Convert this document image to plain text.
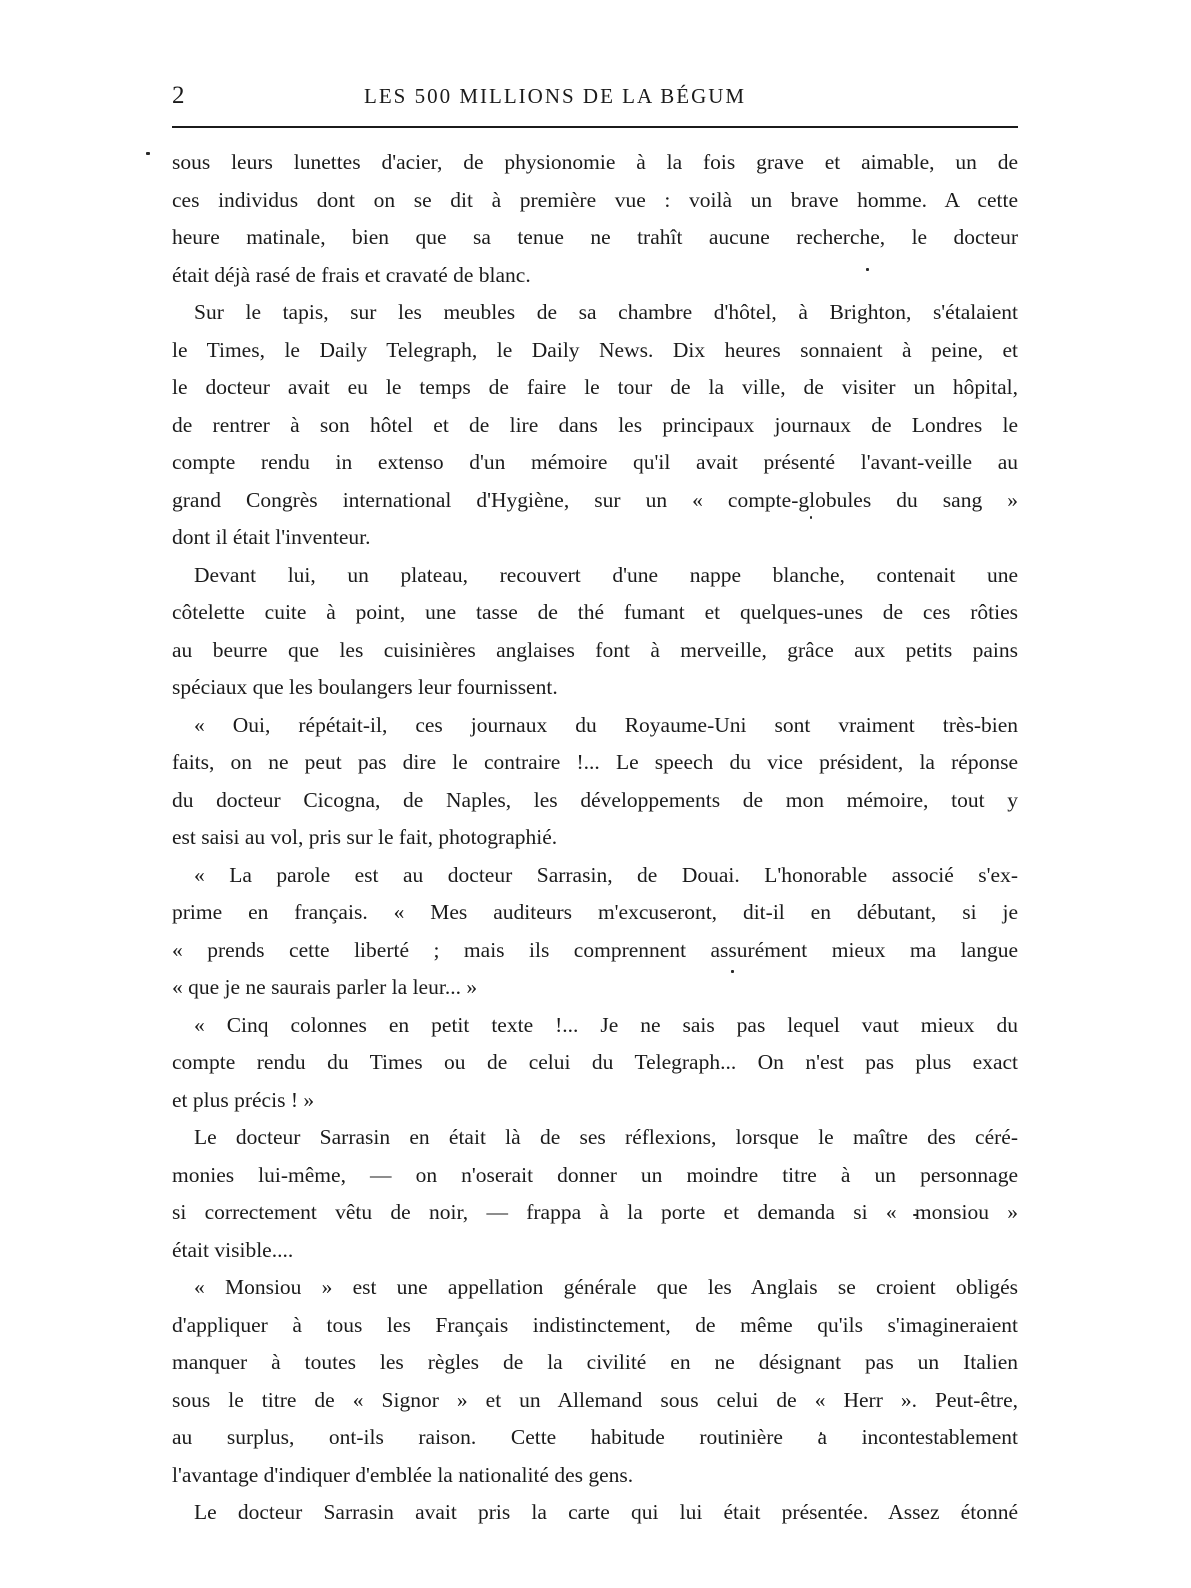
2	LES 500 MILLIONS DE LA BÉGUM
sous leurs lunettes d'acier, de physionomie à la fois grave et aimable, un de
ces individus dont on se dit à première vue : voilà un brave homme. A cette
heure matinale, bien que sa tenue ne trahît aucune recherche, le docteur
était déjà rasé de frais et cravaté de blanc.
Sur le tapis, sur les meubles de sa chambre d'hôtel, à Brighton, s'étalaient
le Times, le Daily Telegraph, le Daily News. Dix heures sonnaient à peine, et
le docteur avait eu le temps de faire le tour de la ville, de visiter un hôpital,
de rentrer à son hôtel et de lire dans les principaux journaux de Londres le
compte rendu in extenso d'un mémoire qu'il avait présenté l'avant-veille au
grand Congrès international d'Hygiène, sur un « compte-globules du sang »
dont il était l'inventeur.
Devant lui, un plateau, recouvert d'une nappe blanche, contenait une
côtelette cuite à point, une tasse de thé fumant et quelques-unes de ces rôties
au beurre que les cuisinières anglaises font à merveille, grâce aux petits pains
spéciaux que les boulangers leur fournissent.
« Oui, répétait-il, ces journaux du Royaume-Uni sont vraiment très-bien
faits, on ne peut pas dire le contraire !... Le speech du vice président, la réponse
du docteur Cicogna, de Naples, les développements de mon mémoire, tout y
est saisi au vol, pris sur le fait, photographié.
« La parole est au docteur Sarrasin, de Douai. L'honorable associé s'ex-
prime en français. « Mes auditeurs m'excuseront, dit-il en débutant, si je
« prends cette liberté ; mais ils comprennent assurément mieux ma langue
« que je ne saurais parler la leur... »
« Cinq colonnes en petit texte !... Je ne sais pas lequel vaut mieux du
compte rendu du Times ou de celui du Telegraph... On n'est pas plus exact
et plus précis ! »
Le docteur Sarrasin en était là de ses réflexions, lorsque le maître des céré-
monies lui-même, — on n'oserait donner un moindre titre à un personnage
si correctement vêtu de noir, — frappa à la porte et demanda si « monsiou »
était visible....
« Monsiou » est une appellation générale que les Anglais se croient obligés
d'appliquer à tous les Français indistinctement, de même qu'ils s'imagineraient
manquer à toutes les règles de la civilité en ne désignant pas un Italien
sous le titre de « Signor » et un Allemand sous celui de « Herr ». Peut-être,
au surplus, ont-ils raison. Cette habitude routinière a incontestablement
l'avantage d'indiquer d'emblée la nationalité des gens.
Le docteur Sarrasin avait pris la carte qui lui était présentée. Assez étonné
